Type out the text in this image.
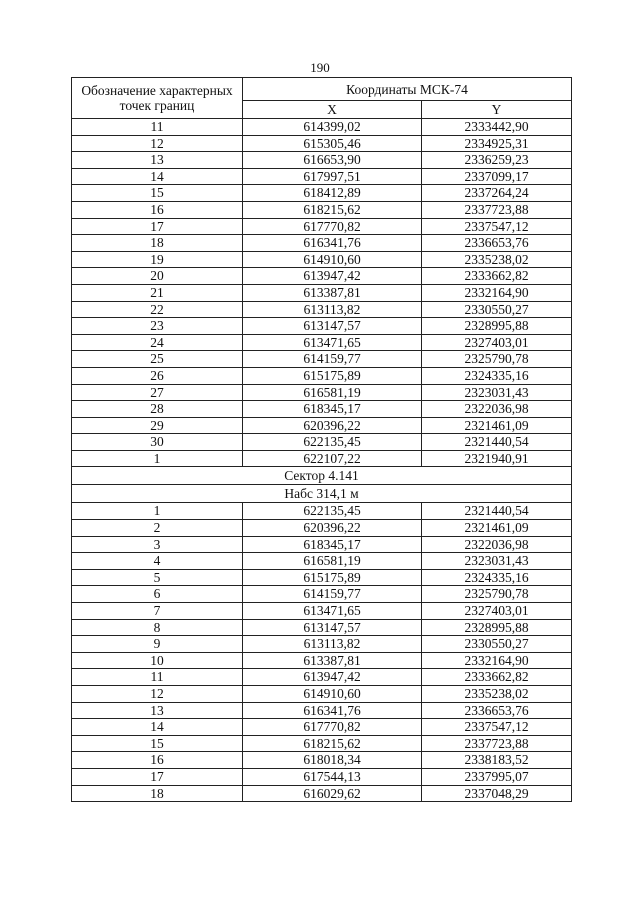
190
Обозначение характерных точек границ	Координаты МСК-74	
	X	Y
11	614399,02	2333442,90
12	615305,46	2334925,31
13	616653,90	2336259,23
14	617997,51	2337099,17
15	618412,89	2337264,24
16	618215,62	2337723,88
17	617770,82	2337547,12
18	616341,76	2336653,76
19	614910,60	2335238,02
20	613947,42	2333662,82
21	613387,81	2332164,90
22	613113,82	2330550,27
23	613147,57	2328995,88
24	613471,65	2327403,01
25	614159,77	2325790,78
26	615175,89	2324335,16
27	616581,19	2323031,43
28	618345,17	2322036,98
29	620396,22	2321461,09
30	622135,45	2321440,54
1	622107,22	2321940,91
Сектор 4.141		
Набс 314,1 м		
1	622135,45	2321440,54
2	620396,22	2321461,09
3	618345,17	2322036,98
4	616581,19	2323031,43
5	615175,89	2324335,16
6	614159,77	2325790,78
7	613471,65	2327403,01
8	613147,57	2328995,88
9	613113,82	2330550,27
10	613387,81	2332164,90
11	613947,42	2333662,82
12	614910,60	2335238,02
13	616341,76	2336653,76
14	617770,82	2337547,12
15	618215,62	2337723,88
16	618018,34	2338183,52
17	617544,13	2337995,07
18	616029,62	2337048,29
